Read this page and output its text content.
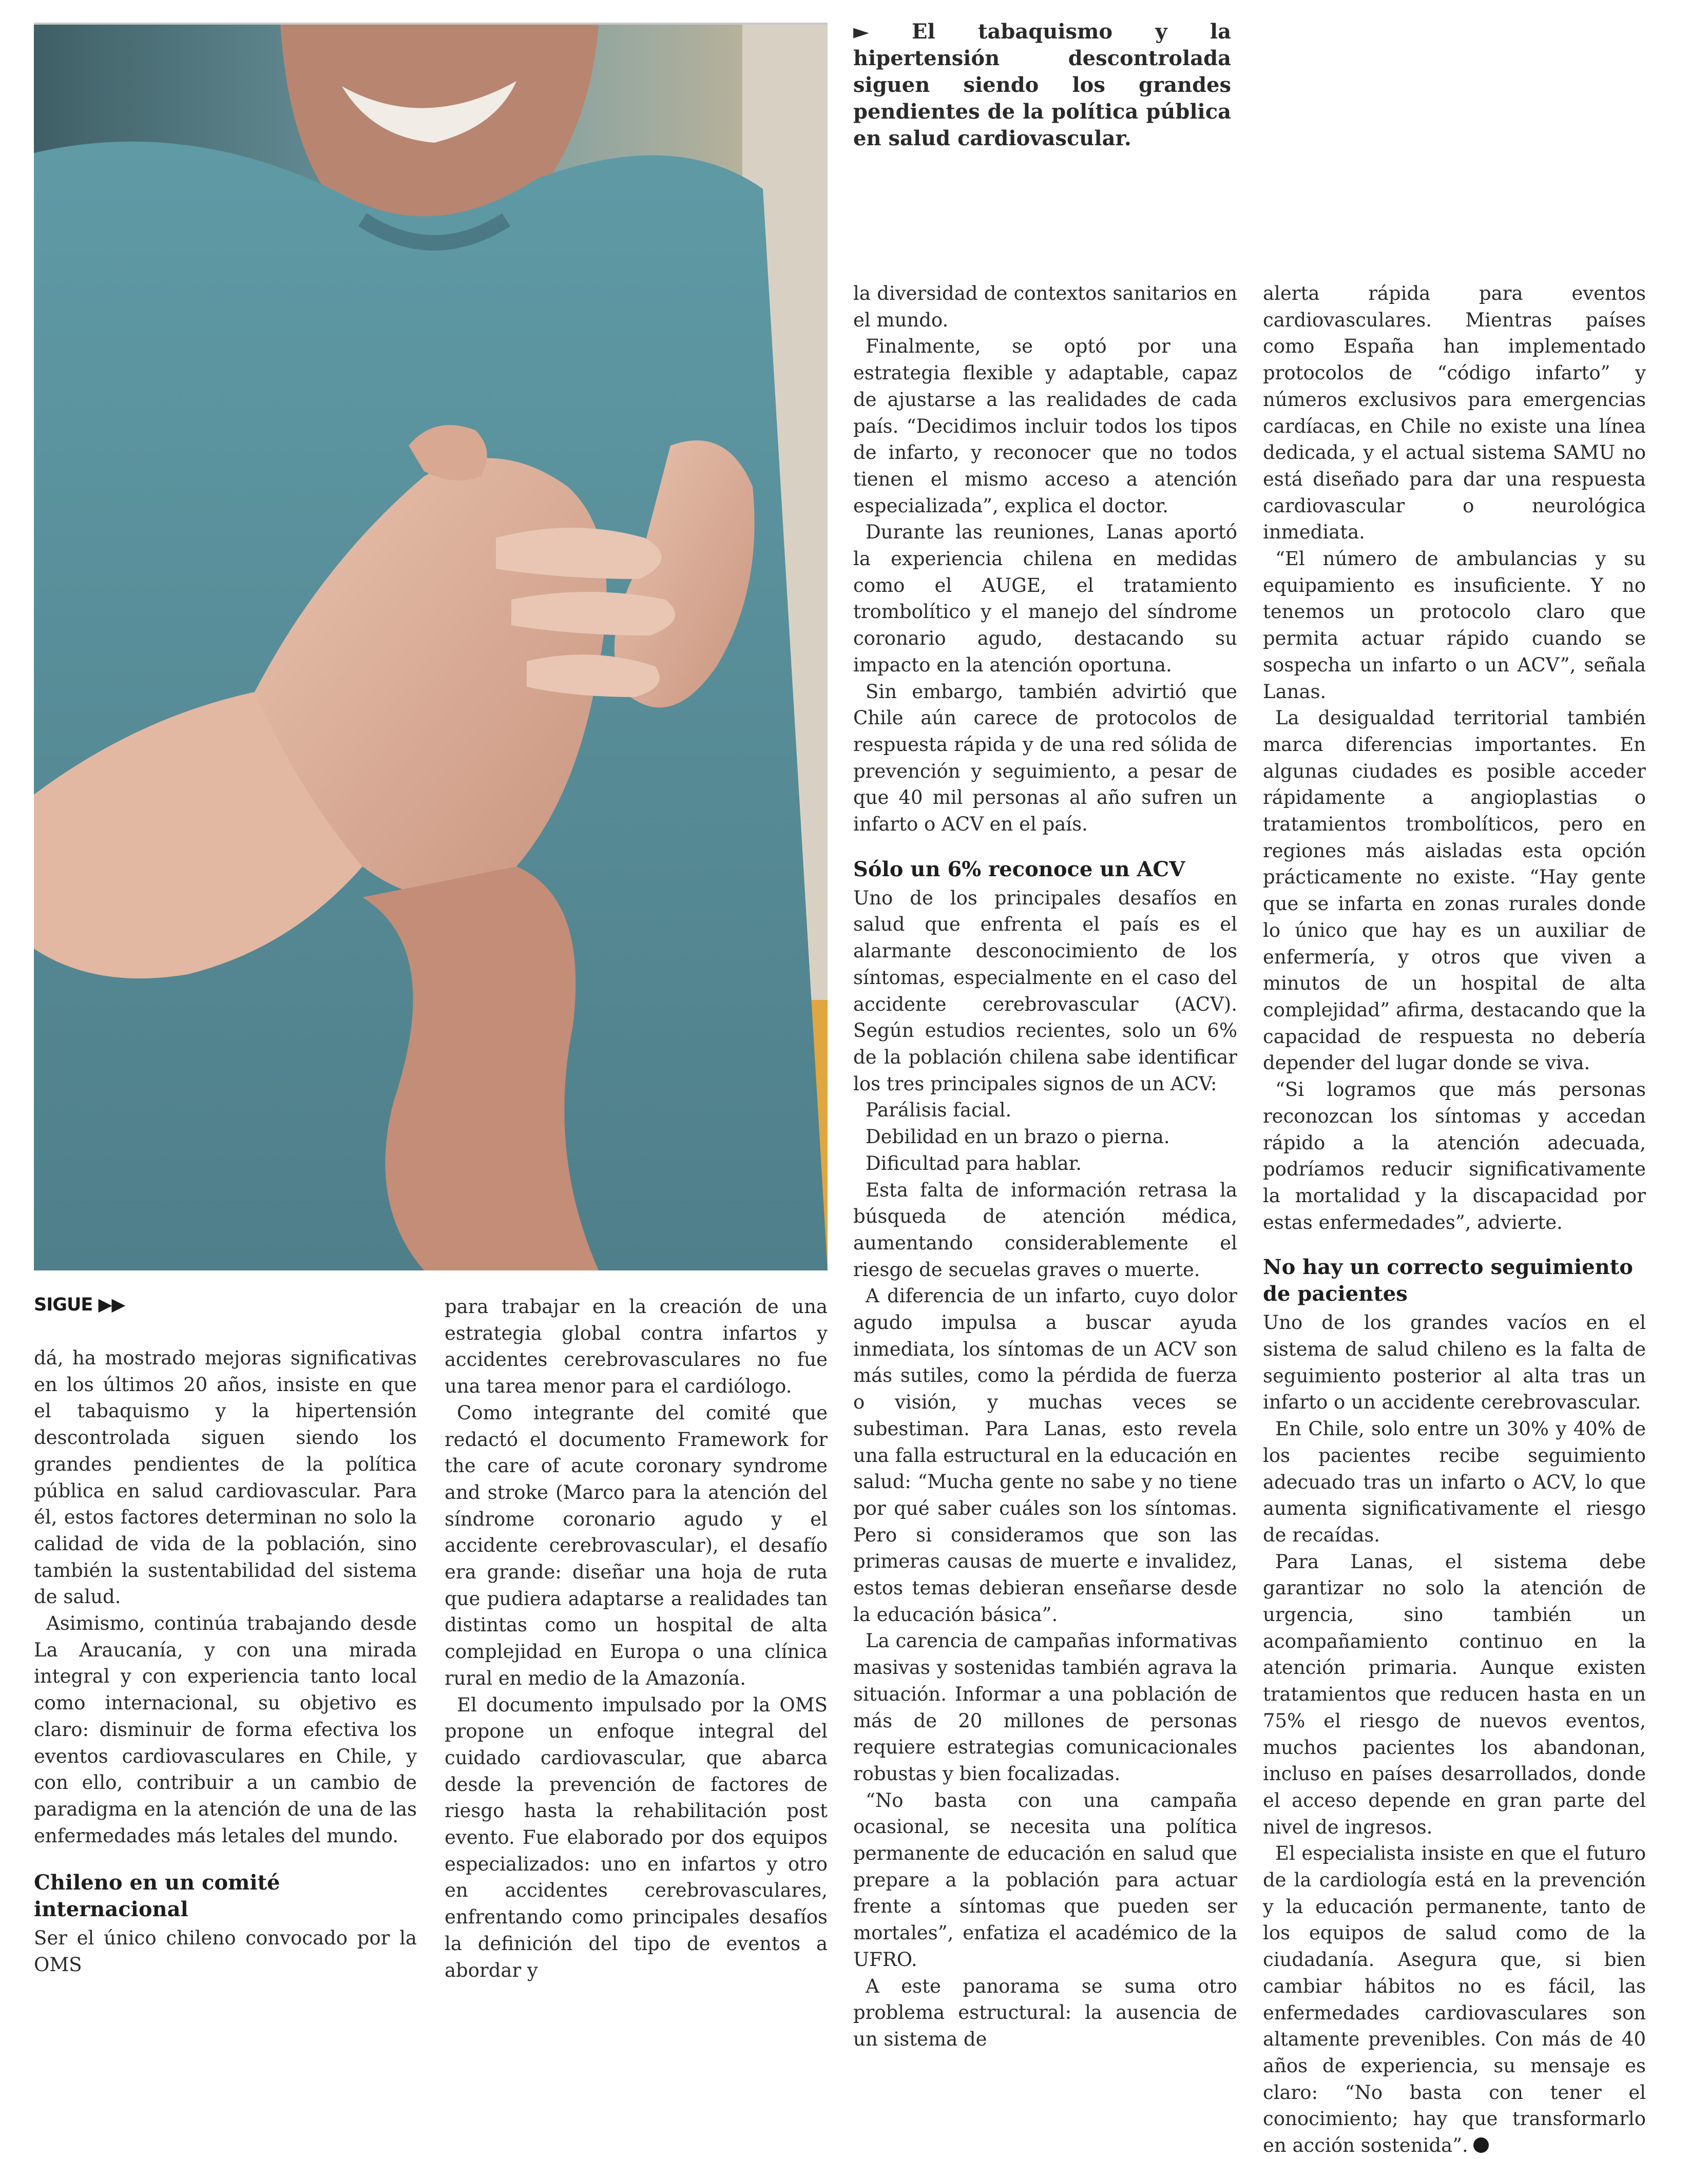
► El tabaquismo y la hipertensión descontrolada siguen siendo los grandes pendientes de la política pública en salud cardiovascular.
SIGUE ▶▶

dá, ha mostrado mejoras significativas en los últimos 20 años, insiste en que el tabaquismo y la hipertensión descontrolada siguen siendo los grandes pendientes de la política pública en salud cardiovascular. Para él, estos factores determinan no solo la calidad de vida de la población, sino también la sustentabilidad del sistema de salud.

Asimismo, continúa trabajando desde La Araucanía, y con una mirada integral y con experiencia tanto local como internacional, su objetivo es claro: disminuir de forma efectiva los eventos cardiovasculares en Chile, y con ello, contribuir a un cambio de paradigma en la atención de una de las enfermedades más letales del mundo.

Chileno en un comité internacional

Ser el único chileno convocado por la OMS

para trabajar en la creación de una estrategia global contra infartos y accidentes cerebrovasculares no fue una tarea menor para el cardiólogo.

Como integrante del comité que redactó el documento Framework for the care of acute coronary syndrome and stroke (Marco para la atención del síndrome coronario agudo y el accidente cerebrovascular), el desafío era grande: diseñar una hoja de ruta que pudiera adaptarse a realidades tan distintas como un hospital de alta complejidad en Europa o una clínica rural en medio de la Amazonía.

El documento impulsado por la OMS propone un enfoque integral del cuidado cardiovascular, que abarca desde la prevención de factores de riesgo hasta la rehabilitación post evento. Fue elaborado por dos equipos especializados: uno en infartos y otro en accidentes cerebrovasculares, enfrentando como principales desafíos la definición del tipo de eventos a abordar y

la diversidad de contextos sanitarios en el mundo.

Finalmente, se optó por una estrategia flexible y adaptable, capaz de ajustarse a las realidades de cada país. “Decidimos incluir todos los tipos de infarto, y reconocer que no todos tienen el mismo acceso a atención especializada”, explica el doctor.

Durante las reuniones, Lanas aportó la experiencia chilena en medidas como el AUGE, el tratamiento trombolítico y el manejo del síndrome coronario agudo, destacando su impacto en la atención oportuna.

Sin embargo, también advirtió que Chile aún carece de protocolos de respuesta rápida y de una red sólida de prevención y seguimiento, a pesar de que 40 mil personas al año sufren un infarto o ACV en el país.

Sólo un 6% reconoce un ACV

Uno de los principales desafíos en salud que enfrenta el país es el alarmante desconocimiento de los síntomas, especialmente en el caso del accidente cerebrovascular (ACV). Según estudios recientes, solo un 6% de la población chilena sabe identificar los tres principales signos de un ACV:

Parálisis facial.

Debilidad en un brazo o pierna.

Dificultad para hablar.

Esta falta de información retrasa la búsqueda de atención médica, aumentando considerablemente el riesgo de secuelas graves o muerte.

A diferencia de un infarto, cuyo dolor agudo impulsa a buscar ayuda inmediata, los síntomas de un ACV son más sutiles, como la pérdida de fuerza o visión, y muchas veces se subestiman. Para Lanas, esto revela una falla estructural en la educación en salud: “Mucha gente no sabe y no tiene por qué saber cuáles son los síntomas. Pero si consideramos que son las primeras causas de muerte e invalidez, estos temas debieran enseñarse desde la educación básica”.

La carencia de campañas informativas masivas y sostenidas también agrava la situación. Informar a una población de más de 20 millones de personas requiere estrategias comunicacionales robustas y bien focalizadas.

“No basta con una campaña ocasional, se necesita una política permanente de educación en salud que prepare a la población para actuar frente a síntomas que pueden ser mortales”, enfatiza el académico de la UFRO.

A este panorama se suma otro problema estructural: la ausencia de un sistema de

alerta rápida para eventos cardiovasculares. Mientras países como España han implementado protocolos de “código infarto” y números exclusivos para emergencias cardíacas, en Chile no existe una línea dedicada, y el actual sistema SAMU no está diseñado para dar una respuesta cardiovascular o neurológica inmediata.

“El número de ambulancias y su equipamiento es insuficiente. Y no tenemos un protocolo claro que permita actuar rápido cuando se sospecha un infarto o un ACV”, señala Lanas.

La desigualdad territorial también marca diferencias importantes. En algunas ciudades es posible acceder rápidamente a angioplastias o tratamientos trombolíticos, pero en regiones más aisladas esta opción prácticamente no existe. “Hay gente que se infarta en zonas rurales donde lo único que hay es un auxiliar de enfermería, y otros que viven a minutos de un hospital de alta complejidad” afirma, destacando que la capacidad de respuesta no debería depender del lugar donde se viva.

“Si logramos que más personas reconozcan los síntomas y accedan rápido a la atención adecuada, podríamos reducir significativamente la mortalidad y la discapacidad por estas enfermedades”, advierte.

No hay un correcto seguimiento de pacientes

Uno de los grandes vacíos en el sistema de salud chileno es la falta de seguimiento posterior al alta tras un infarto o un accidente cerebrovascular.

En Chile, solo entre un 30% y 40% de los pacientes recibe seguimiento adecuado tras un infarto o ACV, lo que aumenta significativamente el riesgo de recaídas.

Para Lanas, el sistema debe garantizar no solo la atención de urgencia, sino también un acompañamiento continuo en la atención primaria. Aunque existen tratamientos que reducen hasta en un 75% el riesgo de nuevos eventos, muchos pacientes los abandonan, incluso en países desarrollados, donde el acceso depende en gran parte del nivel de ingresos.

El especialista insiste en que el futuro de la cardiología está en la prevención y la educación permanente, tanto de los equipos de salud como de la ciudadanía. Asegura que, si bien cambiar hábitos no es fácil, las enfermedades cardiovasculares son altamente prevenibles. Con más de 40 años de experiencia, su mensaje es claro: “No basta con tener el conocimiento; hay que transformarlo en acción sostenida”.
